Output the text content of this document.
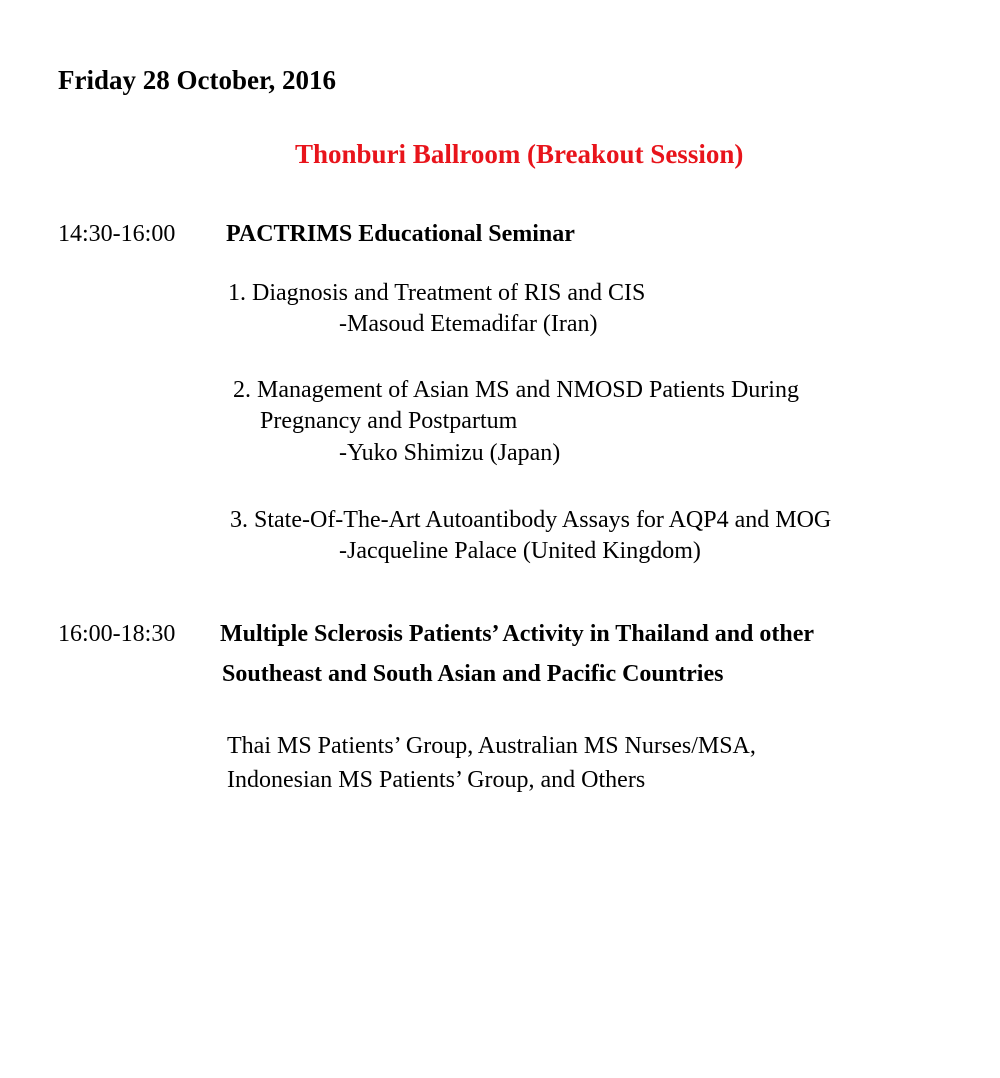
Friday 28 October, 2016
Thonburi Ballroom (Breakout Session)
14:30-16:00 PACTRIMS Educational Seminar
1. Diagnosis and Treatment of RIS and CIS
-Masoud Etemadifar (Iran)
2. Management of Asian MS and NMOSD Patients During
Pregnancy and Postpartum
-Yuko Shimizu (Japan)
3. State-Of-The-Art Autoantibody Assays for AQP4 and MOG
-Jacqueline Palace (United Kingdom)
16:00-18:30 Multiple Sclerosis Patients’ Activity in Thailand and other
Southeast and South Asian and Pacific Countries
Thai MS Patients’ Group, Australian MS Nurses/MSA,
Indonesian MS Patients’ Group, and Others
